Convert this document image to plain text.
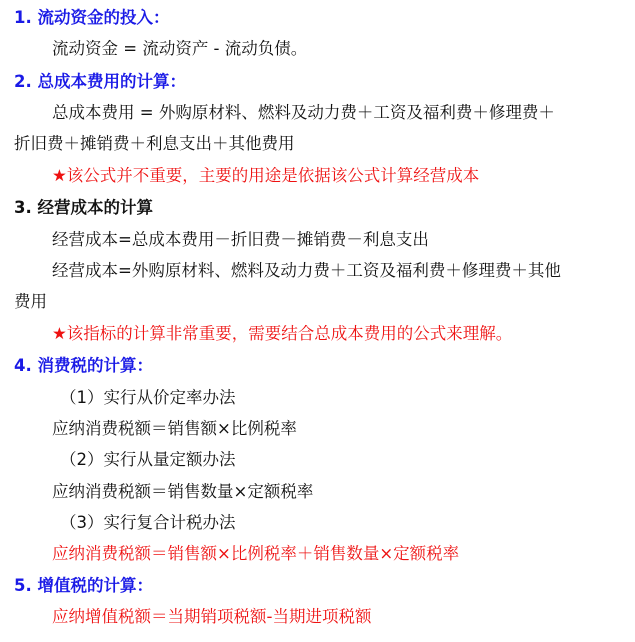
1. 流动资金的投入：
流动资金 = 流动资产 - 流动负债。
2. 总成本费用的计算：
总成本费用 = 外购原材料、燃料及动力费＋工资及福利费＋修理费＋
折旧费＋摊销费＋利息支出＋其他费用
★该公式并不重要，主要的用途是依据该公式计算经营成本
3. 经营成本的计算
经营成本=总成本费用－折旧费－摊销费－利息支出
经营成本=外购原材料、燃料及动力费＋工资及福利费＋修理费＋其他
费用
★该指标的计算非常重要，需要结合总成本费用的公式来理解。
4. 消费税的计算：
（1）实行从价定率办法
应纳消费税额＝销售额×比例税率
（2）实行从量定额办法
应纳消费税额＝销售数量×定额税率
（3）实行复合计税办法
应纳消费税额＝销售额×比例税率＋销售数量×定额税率
5. 增值税的计算：
应纳增值税额＝当期销项税额-当期进项税额
